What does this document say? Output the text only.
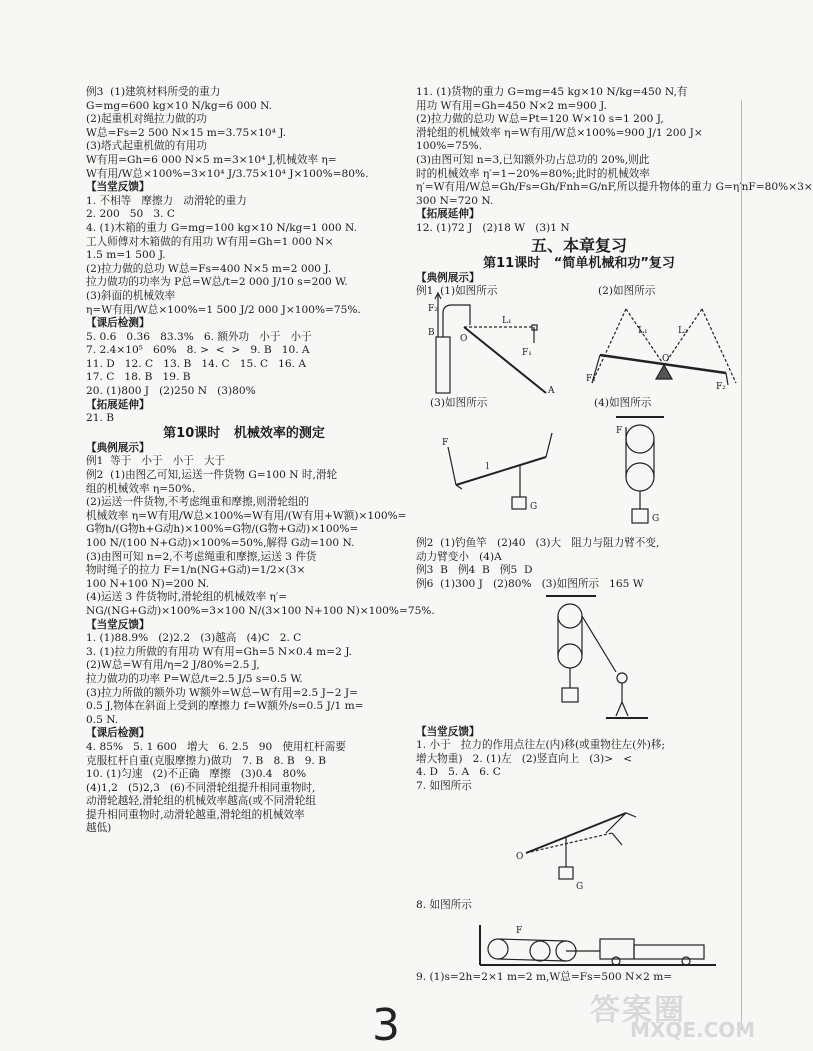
例3  (1)建筑材料所受的重力
G=mg=600 kg×10 N/kg=6 000 N.
(2)起重机对绳拉力做的功
W总=Fs=2 500 N×15 m=3.75×10⁴ J.
(3)塔式起重机做的有用功
W有用=Gh=6 000 N×5 m=3×10⁴ J,机械效率 η=
W有用/W总×100%=3×10⁴ J/3.75×10⁴ J×100%=80%.
【当堂反馈】
1. 不相等   摩擦力   动滑轮的重力
2. 200   50   3. C
4. (1)木箱的重力 G=mg=100 kg×10 N/kg=1 000 N.
工人师傅对木箱做的有用功 W有用=Gh=1 000 N×
1.5 m=1 500 J.
(2)拉力做的总功 W总=Fs=400 N×5 m=2 000 J.
拉力做功的功率为 P总=W总/t=2 000 J/10 s=200 W.
(3)斜面的机械效率
η=W有用/W总×100%=1 500 J/2 000 J×100%=75%.
【课后检测】
5. 0.6   0.36   83.3%   6. 额外功   小于   小于
7. 2.4×10⁵   60%   8. >  <  >   9. B   10. A
11. D   12. C   13. B   14. C   15. C   16. A
17. C   18. B   19. B
20. (1)800 J   (2)250 N   (3)80%
【拓展延伸】
21. B
第10课时   机械效率的测定
【典例展示】
例1  等于   小于   小于   大于
例2  (1)由图乙可知,运送一件货物 G=100 N 时,滑轮
组的机械效率 η=50%.
(2)运送一件货物,不考虑绳重和摩擦,则滑轮组的
机械效率 η=W有用/W总×100%=W有用/(W有用+W额)×100%=
G物h/(G物h+G动h)×100%=G物/(G物+G动)×100%=
100 N/(100 N+G动)×100%=50%,解得 G动=100 N.
(3)由图可知 n=2,不考虑绳重和摩擦,运送 3 件货
物时绳子的拉力 F=1/n(NG+G动)=1/2×(3×
100 N+100 N)=200 N.
(4)运送 3 件货物时,滑轮组的机械效率 η′=
NG/(NG+G动)×100%=3×100 N/(3×100 N+100 N)×100%=75%.
【当堂反馈】
1. (1)88.9%   (2)2.2   (3)越高   (4)C   2. C
3. (1)拉力所做的有用功 W有用=Gh=5 N×0.4 m=2 J.
(2)W总=W有用/η=2 J/80%=2.5 J,
拉力做功的功率 P=W总/t=2.5 J/5 s=0.5 W.
(3)拉力所做的额外功 W额外=W总−W有用=2.5 J−2 J=
0.5 J,物体在斜面上受到的摩擦力 f=W额外/s=0.5 J/1 m=
0.5 N.
【课后检测】
4. 85%   5. 1 600   增大   6. 2.5   90   使用杠杆需要
克服杠杆自重(克服摩擦力)做功   7. B   8. B   9. B
10. (1)匀速   (2)不正确   摩擦   (3)0.4   80%
(4)1,2   (5)2,3   (6)不同滑轮组提升相同重物时,
动滑轮越轻,滑轮组的机械效率越高(或不同滑轮组
提升相同重物时,动滑轮越重,滑轮组的机械效率
越低)
11. (1)货物的重力 G=mg=45 kg×10 N/kg=450 N,有
用功 W有用=Gh=450 N×2 m=900 J.
(2)拉力做的总功 W总=Pt=120 W×10 s=1 200 J,
滑轮组的机械效率 η=W有用/W总×100%=900 J/1 200 J×
100%=75%.
(3)由图可知 n=3,已知额外功占总功的 20%,则此
时的机械效率 η′=1−20%=80%;此时的机械效率
η′=W有用/W总=Gh/Fs=Gh/Fnh=G/nF,所以提升物体的重力 G=η′nF=80%×3×
300 N=720 N.
【拓展延伸】
12. (1)72 J   (2)18 W   (3)1 N
五、本章复习
第11课时   “简单机械和功”复习
【典例展示】
例1  (1)如图所示	(2)如图所示
F₂
B
L₁
O
A
F₁
L₁	L₂
F₁
F₂
O
(3)如图所示	(4)如图所示
F
l
G
F
G
例2  (1)钓鱼竿   (2)40   (3)大   阻力与阻力臂不变,
动力臂变小   (4)A
例3  B   例4  B   例5  D
例6  (1)300 J   (2)80%   (3)如图所示   165 W
【当堂反馈】
1. 小于   拉力的作用点往左(内)移(或重物往左(外)移;
增大物重)   2. (1)左   (2)竖直向上   (3)>   <
4. D   5. A   6. C
7. 如图所示
O
G
8. 如图所示
F
9. (1)s=2h=2×1 m=2 m,W总=Fs=500 N×2 m=
3	答案圈
MXQE.COM
